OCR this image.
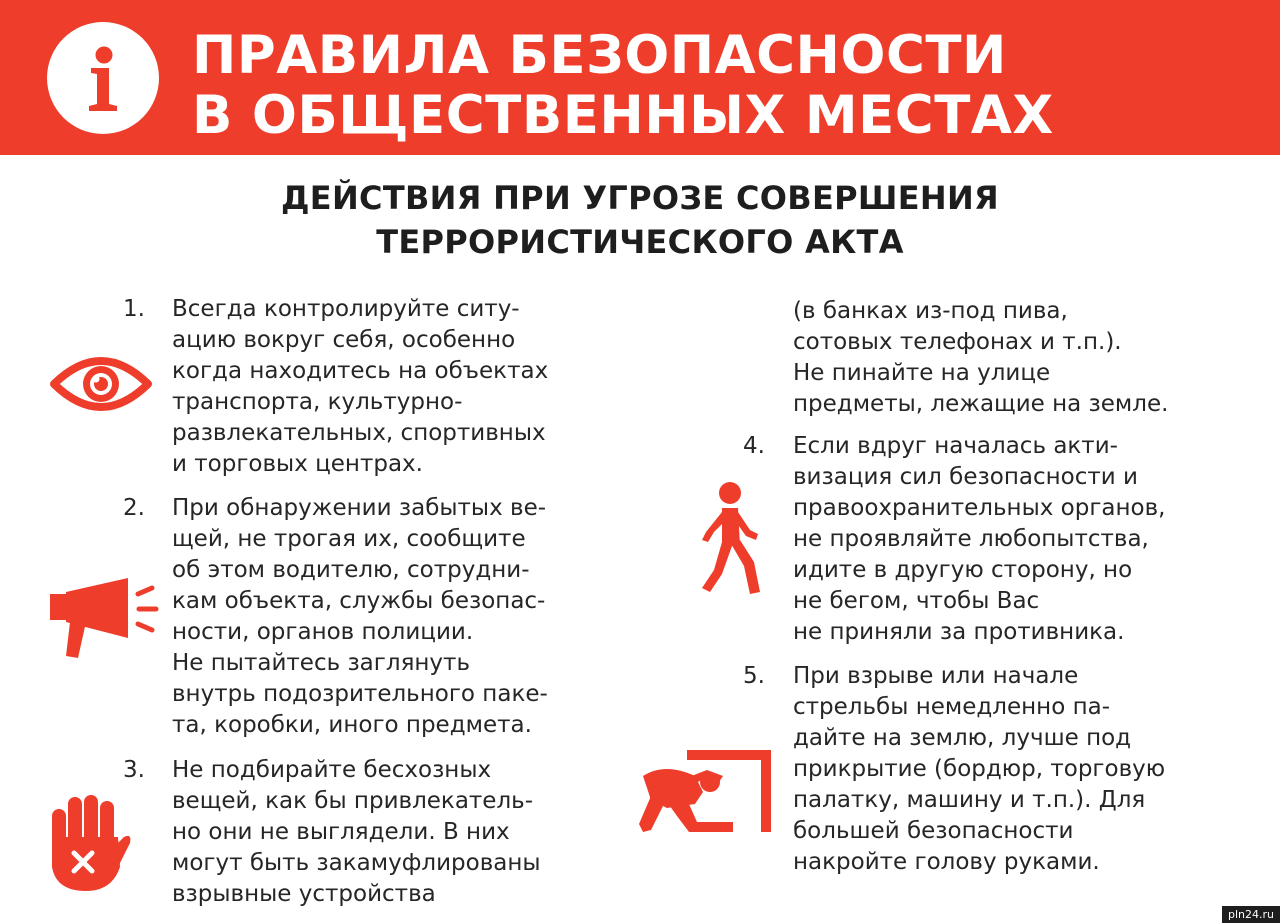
ПРАВИЛА БЕЗОПАСНОСТИ
В ОБЩЕСТВЕННЫХ МЕСТАХ
ДЕЙСТВИЯ ПРИ УГРОЗЕ СОВЕРШЕНИЯ
ТЕРРОРИСТИЧЕСКОГО АКТА
1. Всегда контролируйте ситу-
ацию вокруг себя, особенно
когда находитесь на объектах
транспорта, культурно-
развлекательных, спортивных
и торговых центрах.
2. При обнаружении забытых ве-
щей, не трогая их, сообщите
об этом водителю, сотрудни-
кам объекта, службы безопас-
ности, органов полиции.
Не пытайтесь заглянуть
внутрь подозрительного паке-
та, коробки, иного предмета.
3. Не подбирайте бесхозных
вещей, как бы привлекатель-
но они не выглядели. В них
могут быть закамуфлированы
взрывные устройства
(в банках из-под пива,
сотовых телефонах и т.п.).
Не пинайте на улице
предметы, лежащие на земле.
4. Если вдруг началась акти-
визация сил безопасности и
правоохранительных органов,
не проявляйте любопытства,
идите в другую сторону, но
не бегом, чтобы Вас
не приняли за противника.
5. При взрыве или начале
стрельбы немедленно па-
дайте на землю, лучше под
прикрытие (бордюр, торговую
палатку, машину и т.п.). Для
большей безопасности
накройте голову руками.
pln24.ru
